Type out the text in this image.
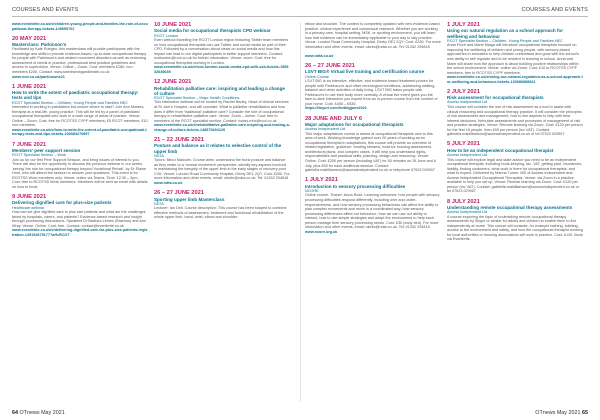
COURSES AND EVENTS	COURSES AND EVENTS
www.eventbrite.co.uk/e/children-young-people-and-families-the-role-of-occupational-therapy-tickets-149690702
20 MAY 2021
Masterclass: Parkinson's

Facilitated by Kate Ruegen, this masterclass will provide participants with the knowledge and skills to provide evidence-based, up-to-date occupational therapy for people with Parkinson's and related movement disorders as well as reviewing assessment of needs in practice, professional best practice guidelines and access to supervision. Venue: Online – Zoom. Cost: members £180; non-members £200. Contact: www.kwintrainingandhealth.co.uk

www.rcot.co.uk/parkinsons21
1 JUNE 2021
How to write the extent of paediatric occupational therapy: tests and tips
RCOT Specialist Section – Children, Young People and Families NEC

Interested in working in paediatrics but unsure where to start? Join Ann Moraes, therapist at a real-life, young practice. This will be led by a panel of paediatric occupational therapists who work in a wide range of areas of practice. Venue: Online – Zoom. Cost: free for RCOTSS CYPF members; £5 RCOT members; £10 non-members.

www.eventbrite.co.uk/e/how-to-write-the-extent-of-paediatric-occupational-therapy-tests-and-tips-tickets-100083270697
7 JUNE 2021
Members' peer support session
RCOT Specialist Section – Work

Join us for our first Peer Support Session, and bring issues of interest to you. There will also be the opportunity to discuss the previous webinar in our series, 'seeing' the role for occupational therapy beyond Vocational Rehab', by Dr Elaine Hunt, who will attend the session to answer your questions. This event is for RCOTSS Work members only. Venue: online via Teams. Time: 12:30 – 2pm. Cost: free to RCOTSS Work members. Members will be sent an email with details on how to book.

9 JUNE 2021
Delivering dignified care for plus-size patients
Healthcare webinar

How can we give dignified care to plus size patients and what are the challenges faced by hospitals, carers, and patients? Evidence-based research and insight through processing discussions. Speakers Dr Barbora Lemes (Brachus) and Ann Wray. Venue: Online. Cost: free. Contact: contact@eventbrite.co.uk

www.eventbrite.co.uk/e/delivering-dignified-care-for-plus-size-patients-registration-149152675177?aff=RCOT
10 JUNE 2021
Social media for occupational therapists CPD webinar
RCOT London

Even without travelling the RCOT London region featuring Twitter team members on how occupational therapists can use Twitter and social media as part of their CPD. Followed by a conversation about views on social media and how this impact can lead to our digital participants in better support members. Contact: rcotlondon@rcot.co.uk for further information. Venue: zoom. Cost: free for occupational therapists working in London.

www.eventbrite.co.uk/e/rcot-london-social-media-cpd-with-ssb-tickets-150632036039
12 JUNE 2021
Rehabilitation palliative care: inspiring and leading a change of culture
RCOT Specialist Section – Major Health Conditions

This interactive webinar will be hosted by Rachel Barley, Head of clinical services at St. Ann's Hospice, and will consider: What is palliative rehabilitation and how does it differ from 'traditional' palliative care? Consider the role of occupational therapy in rehabilitative palliative care. Venue: Zoom – online. Cost: free to members of the RCOT specialist section. Contact: rcotss-mhc@rcot.co.uk

www.eventbrite.co.uk/e/rehabilitative-palliative-care-inspiring-and-leading-a-change-of-culture-tickets-148575494120
21 – 22 JUNE 2021
Posture and balance as it relates to selective control of the upper limb
NDTA

Tutors: Becci Malcolm. Course aims: understand the trunk posture and balance as they relate to a 'normal movement' perspective; identify key aspects involved in maintaining the integrity of the upper limb in the early stages of recovery post CVA. Venue: London Road Community Hospital, Derby DE1 2QY. Cost: £250. For more information and other events, email: ukinfo@ndta.co.uk. Tel: 01332 294818

www.ndta.co.uk
26 – 27 JUNE 2021
Sporting upper limb Masterclass
NDTA

Lecturer: Ian Dell. Course description: This course has been shaped to combine effective methods of assessment, treatment and functional rehabilitation of the whole upper limb, hand, wrist, elbow and shoulder.

elbow and shoulder. The content is completely updated with new evidence-based practice, clinical experience and consensual research. Whether you are working in a primary care, hospital setting, MSK, or sporting environment, you will learn how that evidence can be immediately applicable to your day to day practice. Venue: London Road Community Hospital, Derby DE1 2QY. Cost: £230. For more information and other events, email: ukinfo@ndta.co.uk. Tel: 01332 294818

www.ndta.co.uk
26 – 27 JUNE 2021
LSVT BIG® Virtual live training and certification course
Online Course

LSVT BIG is an intensive, effective, and evidence-based treatment proven for people with Parkinson's and other neurological conditions, addressing walking, balance and other activities of daily living. LSVT BIG trains people with Parkinson's to use their body more normally. A virtual live event gives you the face-to-face interaction you expect from an in-person course from the comfort of your home. Cost: £455 – £535.

https://tinyurl.com/lsvtbigjune2021
28 JUNE AND JULY 6
Major adaptations for occupational therapists
Access Independent Ltd

This major adaptations course is aimed at occupational therapists new to this area of work. Working knowledge gained over 20 years of working as an occupational therapist in adaptations, this course will provide an overview of related legislation, guidance, funding streams, tools for housing assessment, architectural plans, and complex cases. It will help you understand rights, responsibilities and practical skills; planning, design and reasoning. Venue: Online. Cost: £250 per person (including VAT) for 50 minutes on 28 June and 6 July, plus £50 for each additional session. Contact: gabriella.makilliamson@accessindependent.co.uk or telephone 07523 029907

1 JULY 2021
Introduction to sensory processing difficulties
NCORE

Online course. Trainer: Anna Rose. Learning outcomes: how people with sensory processing difficulties respond differently, including over and under-responsiveness, and how sensory processing behaviours can affect the ability to plan complex movements and move in a coordinated way; how sensory processing differences affect our behaviour; how we can use our ability to interact, how to use simple strategies and adapt the environment to help each person manage their sensory processing needs. Cost: £30 (early bird). For more information and other events, email: ukinfo@ndta.co.uk. Tel: 01332 294818

www.ncore.org.uk
1 JULY 2021
Using our natural regulation as a school approach for wellbeing and behaviour
RCOT Specialist Section – Children, Young People and Families NEC

Anna Finch and Marie Maiga will introduce occupational therapists focused on improving the wellbeing of children and young people, with sensory-based approaches in education to help children understand and grow with the school's own ability to self regulate and to be resilient in learning in school. Anna and Marie will share how the approach is about building positive relationships within the school environment. Venue: online via Zoom. Cost: £10 to RCOTSS CYPF members; free to RCOTSS CYPF members.

www.eventbrite.co.uk/e/using-our-natural-regulation-as-a-school-approach-for-wellbeing-and-behaviour-tickets-130080986641
2 JULY 2021
Risk assessment for occupational therapists
Access Independent Ltd

This course will consider the use of risk assessment as a tool to assist with clinical reasoning and occupational therapy practice. It will consider the principles of risk assessment and management, how to link aspects to help with best interest decisions, formulate assessments and processes of management of risk and practice strategies. Venue: Remote learning via Zoom. Cost: £120 per person for the first 15 people, then £90 per person (inc VAT). Contact: gabriella.makilliamson@accessindependent.co.uk or tel 07523 029907

5 JULY 2021
How to be an independent occupational therapist
Access Independent Ltd

This course will explore legal and state advice you need to be an independent occupational therapist, including book-keeping, tax, VAT, getting paid, insurances, liability, finding customers, what work is there for occupational therapists, and what to expect. Delivered by Marina Turner, MD of Access Independent and Access Independent Occupational Therapists. Venue: via Zoom in a practice available to help you set up. Venue: Remote learning via Zoom. Cost: £120 per person (inc VAT). Contact: gabriella.makilliamson@accessindependent.co.uk or tel 07523 029907

8 JULY 2021
Understanding remote occupational therapy assessments
Access Independent Ltd

A course exploring the topic of undertaking remote occupational therapy assessments by Skype or similar for adults and children to enable them to live independently at home. This course will consider, for example bathing, toileting, access to the environment and safety, and how the occupational therapist working for local authorities or housing associations will work in practice. Cost: £120. Book via Eventbrite.

64 OTnews May 2021	OTnews May 2021 65
